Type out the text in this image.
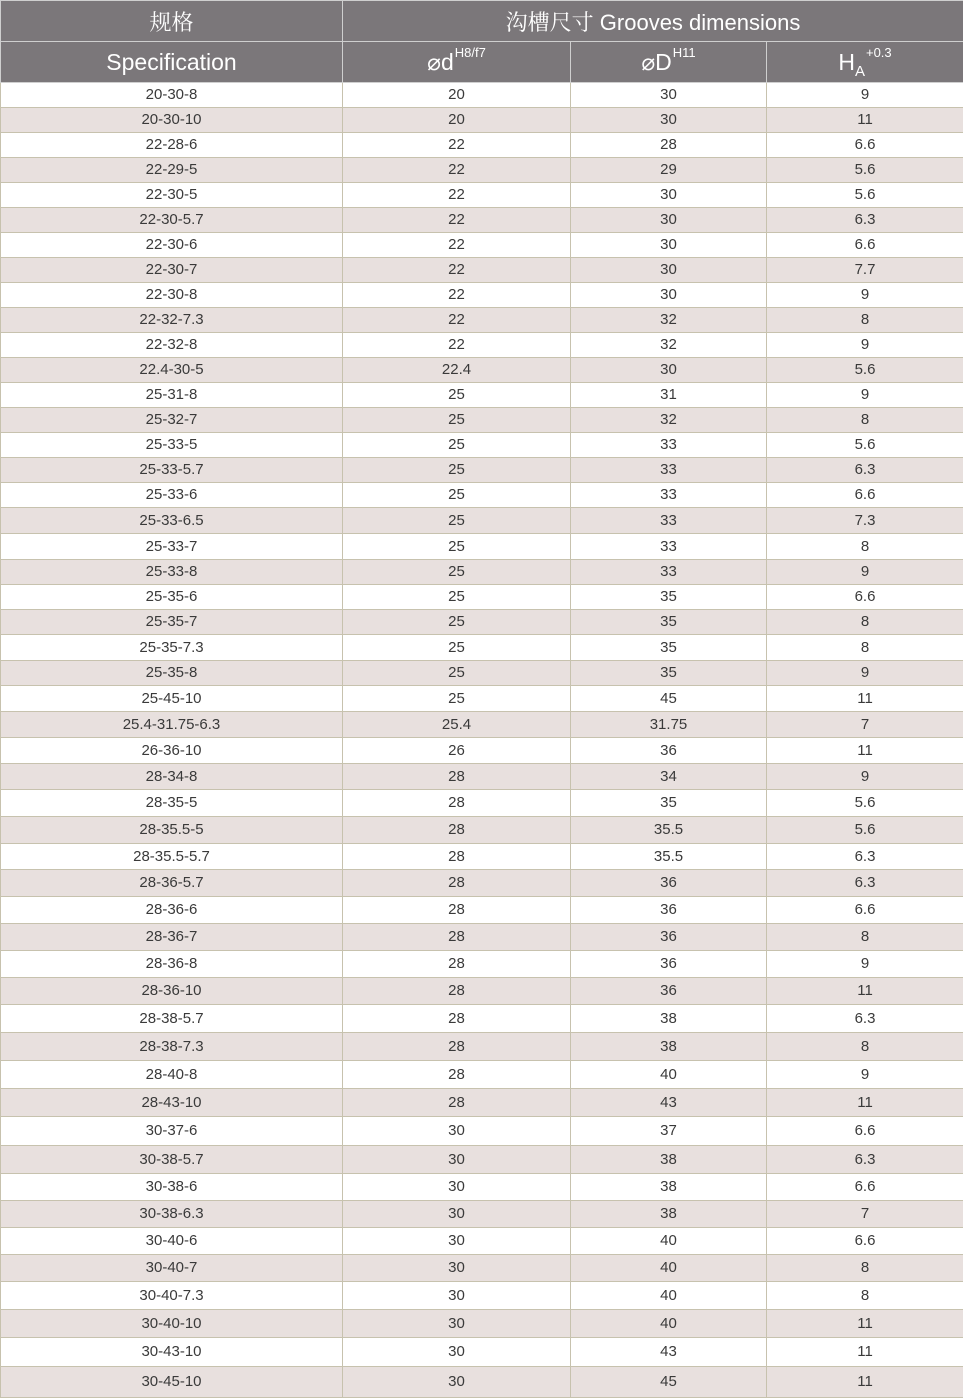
规格	沟槽尺寸 Grooves dimensions		
Specification	$⌀d^{H8/f7}$	$⌀D^{H11}$	$H_A^{+0.3}$
20-30-8	20	30	9
20-30-10	20	30	11
22-28-6	22	28	6.6
22-29-5	22	29	5.6
22-30-5	22	30	5.6
22-30-5.7	22	30	6.3
22-30-6	22	30	6.6
22-30-7	22	30	7.7
22-30-8	22	30	9
22-32-7.3	22	32	8
22-32-8	22	32	9
22.4-30-5	22.4	30	5.6
25-31-8	25	31	9
25-32-7	25	32	8
25-33-5	25	33	5.6
25-33-5.7	25	33	6.3
25-33-6	25	33	6.6
25-33-6.5	25	33	7.3
25-33-7	25	33	8
25-33-8	25	33	9
25-35-6	25	35	6.6
25-35-7	25	35	8
25-35-7.3	25	35	8
25-35-8	25	35	9
25-45-10	25	45	11
25.4-31.75-6.3	25.4	31.75	7
26-36-10	26	36	11
28-34-8	28	34	9
28-35-5	28	35	5.6
28-35.5-5	28	35.5	5.6
28-35.5-5.7	28	35.5	6.3
28-36-5.7	28	36	6.3
28-36-6	28	36	6.6
28-36-7	28	36	8
28-36-8	28	36	9
28-36-10	28	36	11
28-38-5.7	28	38	6.3
28-38-7.3	28	38	8
28-40-8	28	40	9
28-43-10	28	43	11
30-37-6	30	37	6.6
30-38-5.7	30	38	6.3
30-38-6	30	38	6.6
30-38-6.3	30	38	7
30-40-6	30	40	6.6
30-40-7	30	40	8
30-40-7.3	30	40	8
30-40-10	30	40	11
30-43-10	30	43	11
30-45-10	30	45	11
